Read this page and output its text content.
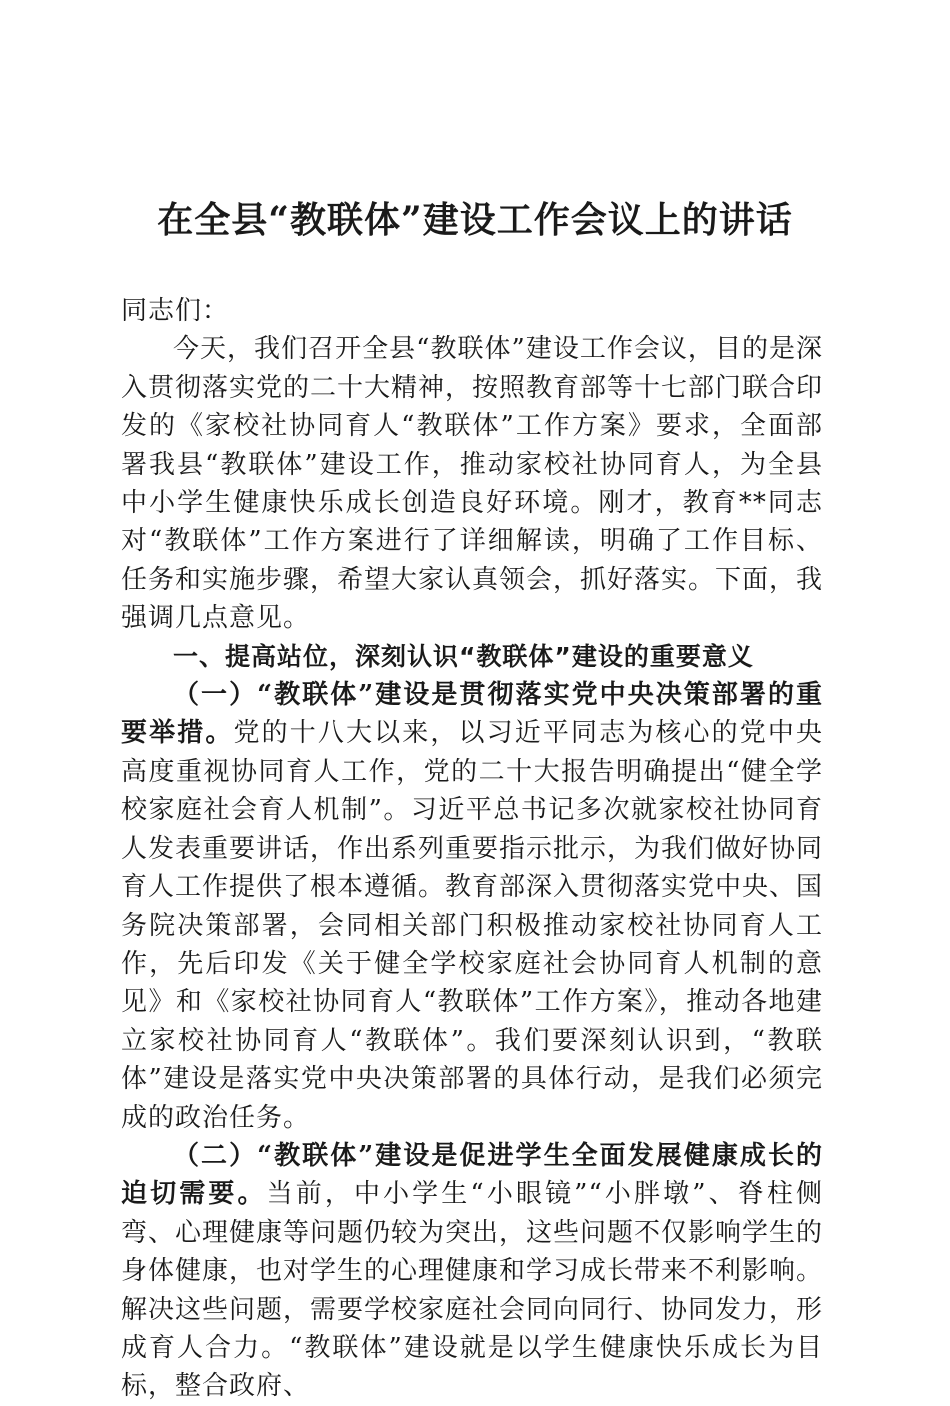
在全县“教联体”建设工作会议上的讲话

同志们：

今天，我们召开全县“教联体”建设工作会议，目的是深入贯彻落实党的二十大精神，按照教育部等十七部门联合印发的《家校社协同育人“教联体”工作方案》要求，全面部署我县“教联体”建设工作，推动家校社协同育人，为全县中小学生健康快乐成长创造良好环境。刚才，教育**同志对“教联体”工作方案进行了详细解读，明确了工作目标、任务和实施步骤，希望大家认真领会，抓好落实。下面，我强调几点意见。

一、提高站位，深刻认识“教联体”建设的重要意义

（一）“教联体”建设是贯彻落实党中央决策部署的重要举措。党的十八大以来，以习近平同志为核心的党中央高度重视协同育人工作，党的二十大报告明确提出“健全学校家庭社会育人机制”。习近平总书记多次就家校社协同育人发表重要讲话，作出系列重要指示批示，为我们做好协同育人工作提供了根本遵循。教育部深入贯彻落实党中央、国务院决策部署，会同相关部门积极推动家校社协同育人工作，先后印发《关于健全学校家庭社会协同育人机制的意见》和《家校社协同育人“教联体”工作方案》，推动各地建立家校社协同育人“教联体”。我们要深刻认识到，“教联体”建设是落实党中央决策部署的具体行动，是我们必须完成的政治任务。

（二）“教联体”建设是促进学生全面发展健康成长的迫切需要。当前，中小学生“小眼镜”“小胖墩”、脊柱侧弯、心理健康等问题仍较为突出，这些问题不仅影响学生的身体健康，也对学生的心理健康和学习成长带来不利影响。解决这些问题，需要学校家庭社会同向同行、协同发力，形成育人合力。“教联体”建设就是以学生健康快乐成长为目标，整合政府、
